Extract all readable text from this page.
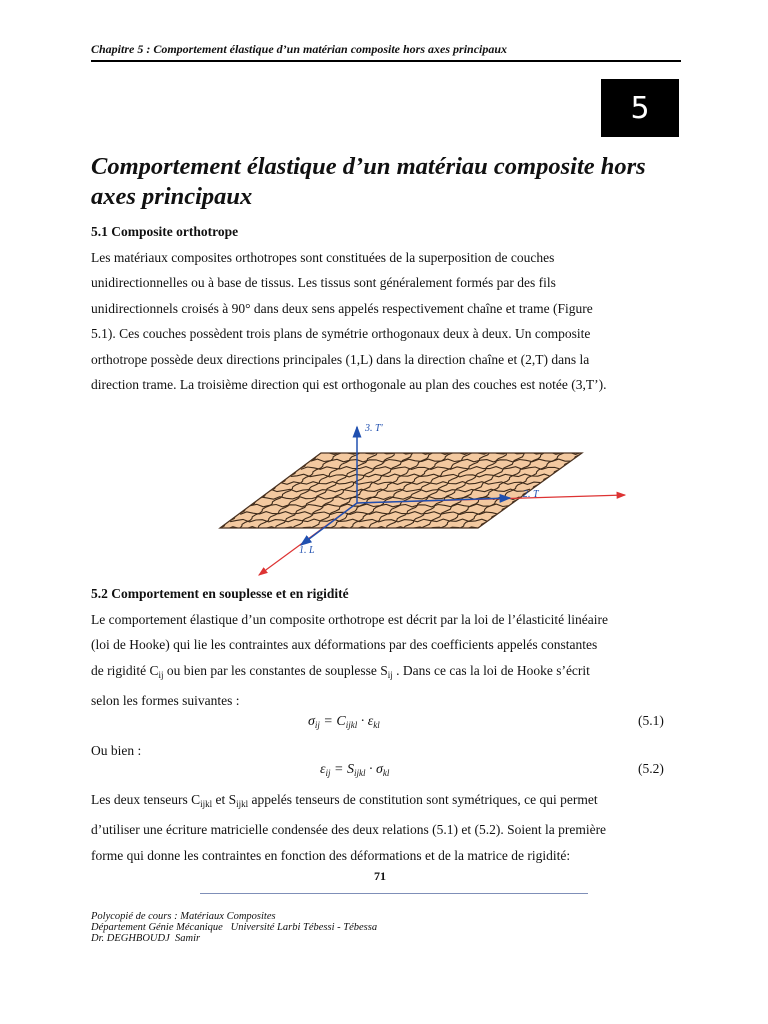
Chapitre 5 : Comportement élastique d’un matérian composite hors axes principaux
5
Comportement élastique d’un matériau composite hors
axes principaux
5.1 Composite orthotrope

Les matériaux composites orthotropes sont constituées de la superposition de couches

unidirectionnelles ou à base de tissus. Les tissus sont généralement formés par des fils

unidirectionnels croisés à 90° dans deux sens appelés respectivement chaîne et trame (Figure

5.1). Ces couches possèdent trois plans de symétrie orthogonaux deux à deux. Un composite

orthotrope possède deux directions principales (1,L) dans la direction chaîne et (2,T) dans la

direction trame. La troisième direction qui est orthogonale au plan des couches est notée (3,T’).

3. T'
2. T
1. L
5.2 Comportement en souplesse et en rigidité

Le comportement élastique d’un composite orthotrope est décrit par la loi de l’élasticité linéaire

(loi de Hooke) qui lie les contraintes aux déformations par des coefficients appelés constantes

de rigidité $C_{ij}$ ou bien par les constantes de souplesse $S_{ij}$ . Dans ce cas la loi de Hooke s’écrit

selon les formes suivantes :

$\sigma_{ij} = C_{ijkl} \cdot \varepsilon_{kl}$	(5.1)
Ou bien :
$\varepsilon_{ij} = S_{ijkl} \cdot \sigma_{kl}$	(5.2)

Les deux tenseurs $C_{ijkl}$ et $S_{ijkl}$ appelés tenseurs de constitution sont symétriques, ce qui permet

d’utiliser une écriture matricielle condensée des deux relations (5.1) et (5.2). Soient la première

forme qui donne les contraintes en fonction des déformations et de la matrice de rigidité:

71
Polycopié de cours : Matériaux Composites
Département Génie Mécanique   Université Larbi Tébessi - Tébessa
Dr. DEGHBOUDJ  Samir
